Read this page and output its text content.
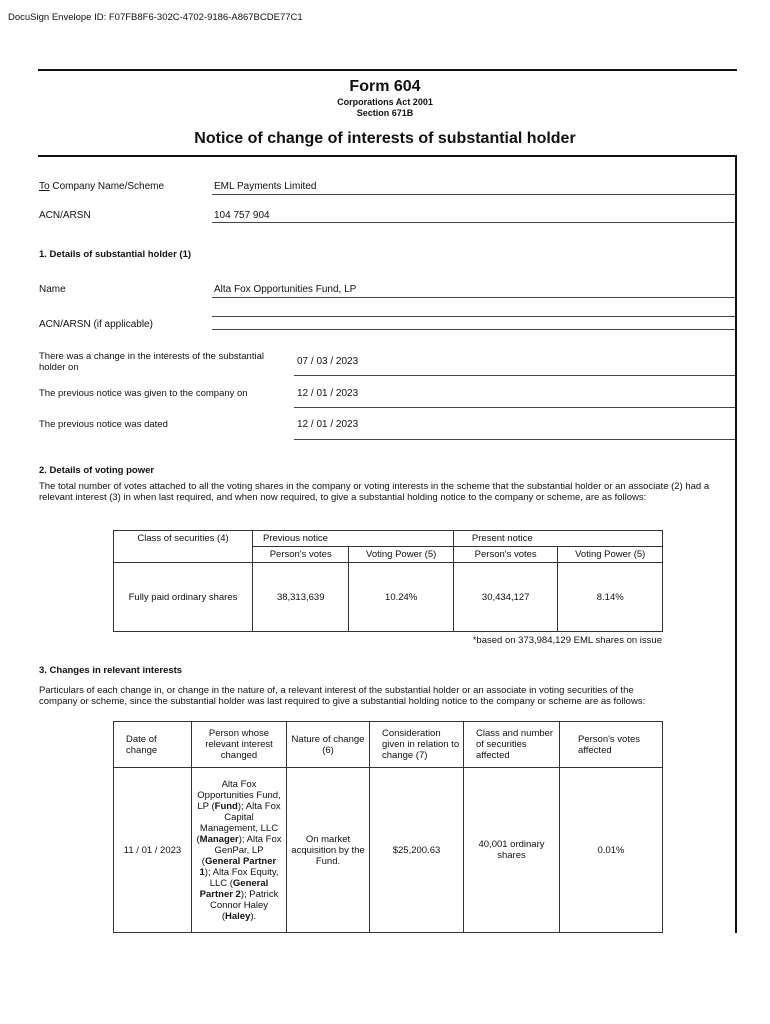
DocuSign Envelope ID: F07FB8F6-302C-4702-9186-A867BCDE77C1
Form 604
Corporations Act 2001
Section 671B
Notice of change of interests of substantial holder
To Company Name/Scheme	EML Payments Limited
ACN/ARSN	104 757 904
1. Details of substantial holder (1)
Name	Alta Fox Opportunities Fund, LP
ACN/ARSN (if applicable)
There was a change in the interests of the substantial holder on
07 / 03 / 2023
The previous notice was given to the company on	12 / 01 / 2023
The previous notice was dated	12 / 01 / 2023
2. Details of voting power
The total number of votes attached to all the voting shares in the company or voting interests in the scheme that the substantial holder or an associate (2) had a relevant interest (3) in when last required, and when now required, to give a substantial holding notice to the company or scheme, are as follows:
Class of securities (4)	Previous notice		Present notice	
	Person's votes	Voting Power (5)	Person's votes	Voting Power (5)
Fully paid ordinary shares	38,313,639	10.24%	30,434,127	8.14%
*based on 373,984,129 EML shares on issue
3. Changes in relevant interests
Particulars of each change in, or change in the nature of, a relevant interest of the substantial holder or an associate in voting securities of the company or scheme, since the substantial holder was last required to give a substantial holding notice to the company or scheme are as follows:
Date of change	Person whose relevant interest changed	Nature of change (6)	Consideration given in relation to change (7)	Class and number of securities affected	Person's votes affected
11 / 01 / 2023	Alta Fox Opportunities Fund, LP (Fund); Alta Fox Capital Management, LLC (Manager); Alta Fox GenPar, LP (General Partner 1); Alta Fox Equity, LLC (General Partner 2); Patrick Connor Haley (Haley).	On market acquisition by the Fund.	$25,200.63	40,001 ordinary shares	0.01%
